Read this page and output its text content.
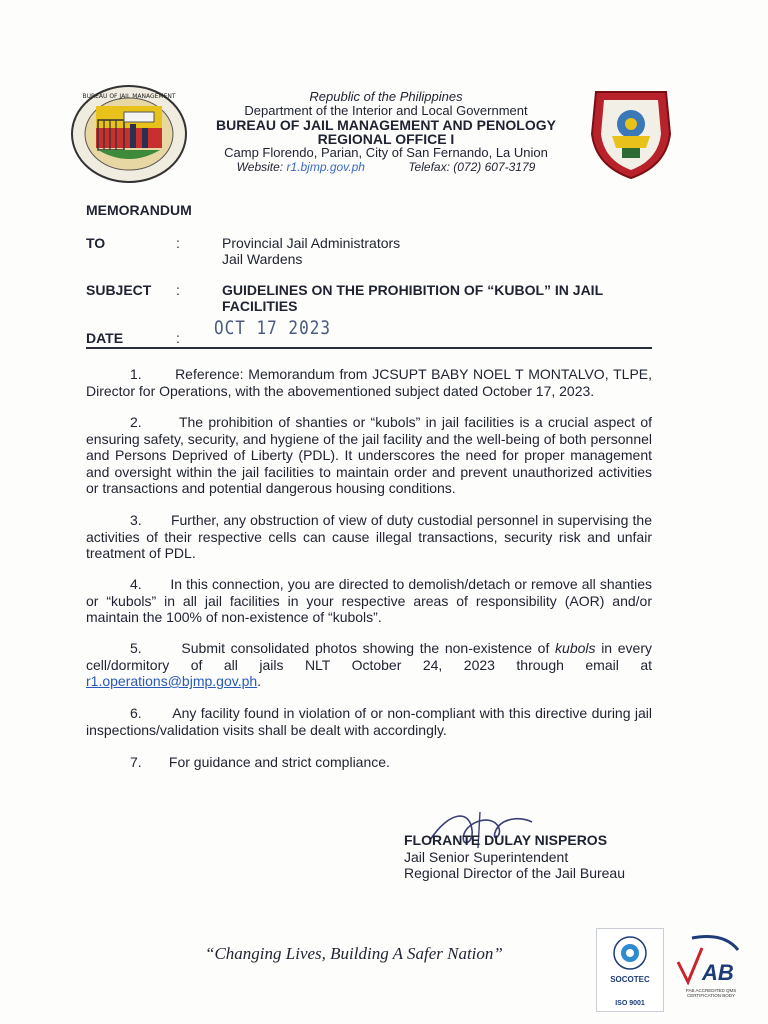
BUREAU OF JAIL MANAGEMENT	Republic of the Philippines
Department of the Interior and Local Government
BUREAU OF JAIL MANAGEMENT AND PENOLOGY
REGIONAL OFFICE I
Camp Florendo, Parian, City of San Fernando, La Union
Website: r1.bjmp.gov.ph	Telefax: (072) 607-3179
MEMORANDUM
TO	:	Provincial Jail Administrators
Jail Wardens
SUBJECT :	GUIDELINES ON THE PROHIBITION OF “KUBOL” IN JAIL
FACILITIES
DATE	: OCT 17 2023
1. Reference: Memorandum from JCSUPT BABY NOEL T MONTALVO, TLPE, Director for Operations, with the abovementioned subject dated October 17, 2023.
2.	The prohibition of shanties or “kubols” in jail facilities is a crucial aspect of ensuring safety, security, and hygiene of the jail facility and the well-being of both personnel and Persons Deprived of Liberty (PDL). It underscores the need for proper management and oversight within the jail facilities to maintain order and prevent unauthorized activities or transactions and potential dangerous housing conditions.
3. Further, any obstruction of view of duty custodial personnel in supervising the activities of their respective cells can cause illegal transactions, security risk and unfair treatment of PDL.
4. In this connection, you are directed to demolish/detach or remove all shanties or “kubols” in all jail facilities in your respective areas of responsibility (AOR) and/or maintain the 100% of non-existence of “kubols”.
5.	Submit consolidated photos showing the non-existence of kubols in every cell/dormitory of all jails NLT October 24, 2023 through email at r1.operations@bjmp.gov.ph.
6. Any facility found in violation of or non-compliant with this directive during jail inspections/validation visits shall be dealt with accordingly.
7. For guidance and strict compliance.
FLORANTE DULAY NISPEROS
Jail Senior Superintendent
Regional Director of the Jail Bureau
“Changing Lives, Building A Safer Nation”
SOCOTEC
ISO 9001
AB
PAB ACCREDITED QMS CERTIFICATION BODY
